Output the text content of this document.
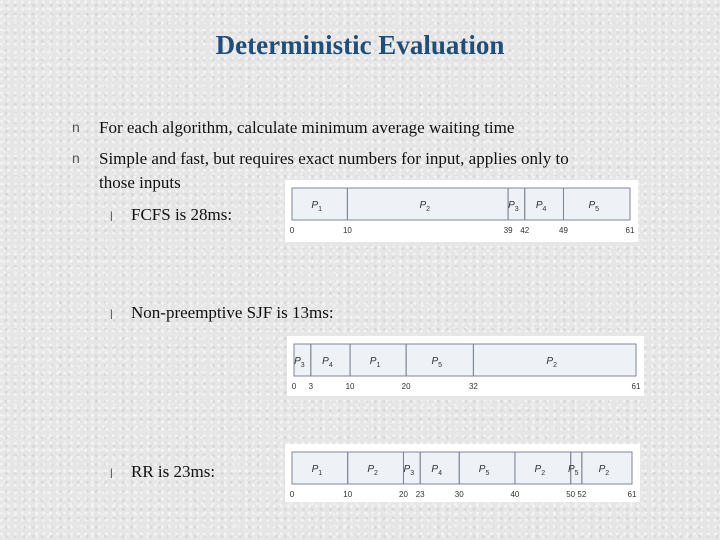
Deterministic Evaluation
n For each algorithm, calculate minimum average waiting time
n Simple and fast, but requires exact numbers for input, applies only to
those inputs
l FCFS is 28ms:
l Non-preemptive SJF is 13ms:
l RR is 23ms:
$P_1$	$P_2$	$P_3$ $P_4$	$P_5$
0	10	39 42	49	61
$P_3$ $P_4$	$P_1$	$P_5$	$P_2$
0 3	10	20	32	61
$P_1$	$P_2$	$P_3$ $P_4$	$P_5$	$P_2$ $P_5$ $P_2$
0	10	20 23	30	40	50 52	61
